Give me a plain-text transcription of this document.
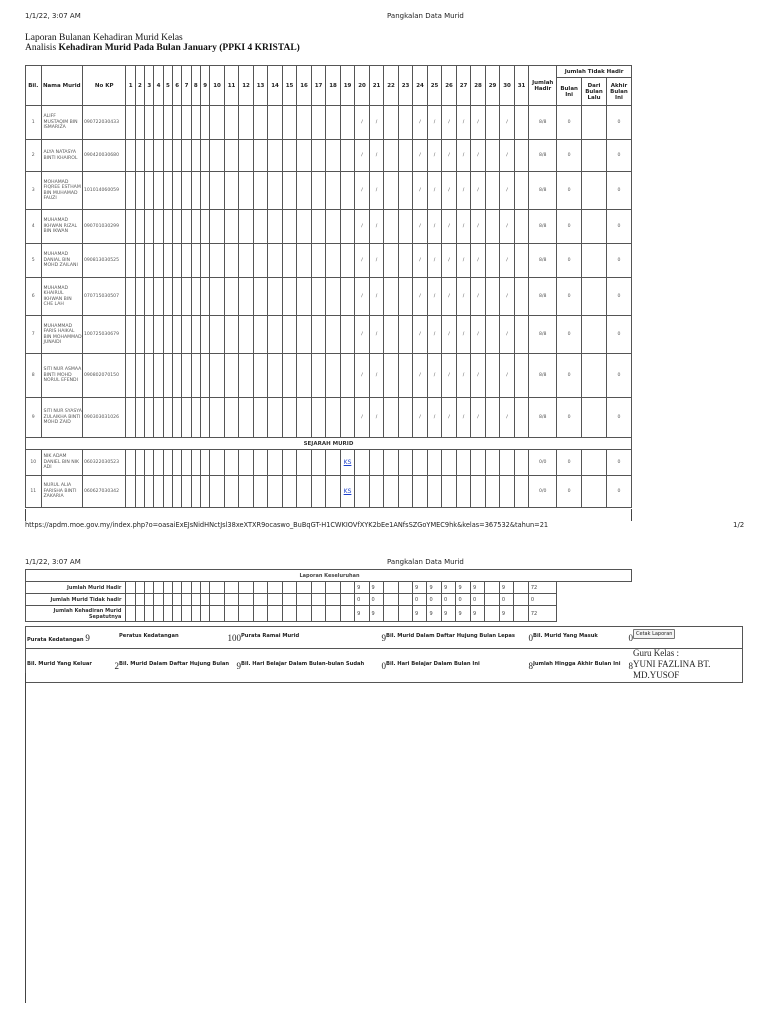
1/1/22, 3:07 AM	Pangkalan Data Murid
Laporan Bulanan Kehadiran Murid Kelas
Analisis Kehadiran Murid Pada Bulan January (PPKI 4 KRISTAL)
Bil.	Nama Murid	No KP	1	2	3	4	5	6	7	8	9	10	11	12	13	14	15	16	17	18	19	20	21	22	23	24	25	26	27	28	29	30	31	Jumlah Hadir	Jumlah Tidak Hadir		
																																			Bulan Ini	Dari Bulan Lalu	Akhir Bulan Ini
1	ALIFF MUSTAQIM BIN ISMARIZA	090722030433																				/	/			/	/	/	/	/		/		8/8	0		0
2	ALYA NATASYA BINTI KHAIROL	090420030680																				/	/			/	/	/	/	/		/		8/8	0		0
3	MOHAMAD FIQREE ESTHAM BIN MUHAMAD FAUZI	101014060059																				/	/			/	/	/	/	/		/		8/8	0		0
4	MUHAMAD IKHWAN RIZAL BIN IKWAN	090701030299																				/	/			/	/	/	/	/		/		8/8	0		0
5	MUHAMAD DANIAL BIN MOHD ZAILANI	090813030525																				/	/			/	/	/	/	/		/		8/8	0		0
6	MUHAMAD KHAIRUL IKHWAN BIN CHE LAH	070715030507																				/	/			/	/	/	/	/		/		8/8	0		0
7	MUHAMMAD FARIS HAIKAL BIN MOHAMMAD JUNAIDI	100725030679																				/	/			/	/	/	/	/		/		8/8	0		0
8	SITI NUR ASMAA BINTI MOHD NORUL EFENDI	090802070150																				/	/			/	/	/	/	/		/		8/8	0		0
9	SITI NUR SYASYA ZULAIKHA BINTI MOHD ZAID	090303031026																				/	/			/	/	/	/	/		/		8/8	0		0
SEJARAH MURID																																					
10	NIK ADAM DANIEL BIN NIK ADI	060322030523																			KS													0/0	0		0
11	NURUL ALIA FARISHA BINTI ZAKARIA	060627030342																			KS													0/0	0		0
https://apdm.moe.gov.my/index.php?o=oasaiExEJsNidHNctJsl38xeXTXR9ocaswo_BuBqGT-H1CWKIOVfXYK2bEe1ANfsSZGoYMEC9hk&kelas=367532&tahun=21	1/2
1/1/22, 3:07 AM	Pangkalan Data Murid
Laporan Keseluruhan																																	
Jumlah Murid Hadir																				9	9			9	9	9	9	9		9		72	
Jumlah Murid Tidak hadir																				0	0			0	0	0	0	0		0		0	
Jumlah Kehadiran Murid Sepatutnya																				9	9			9	9	9	9	9		9		72	
Purata Kedatangan 9	Peratus Kedatangan 100	Purata Ramai Murid 9	Bil. Murid Dalam Daftar Hujung Bulan Lepas 0	Bil. Murid Yang Masuk 0	Cetak Laporan
Bil. Murid Yang Keluar 2	Bil. Murid Dalam Daftar Hujung Bulan 9	Bil. Hari Belajar Dalam Bulan-bulan Sudah 0	Bil. Hari Belajar Dalam Bulan Ini 8	Jumlah Hingga Akhir Bulan Ini 8	Guru Kelas :
YUNI FAZLINA BT. MD.YUSOF
